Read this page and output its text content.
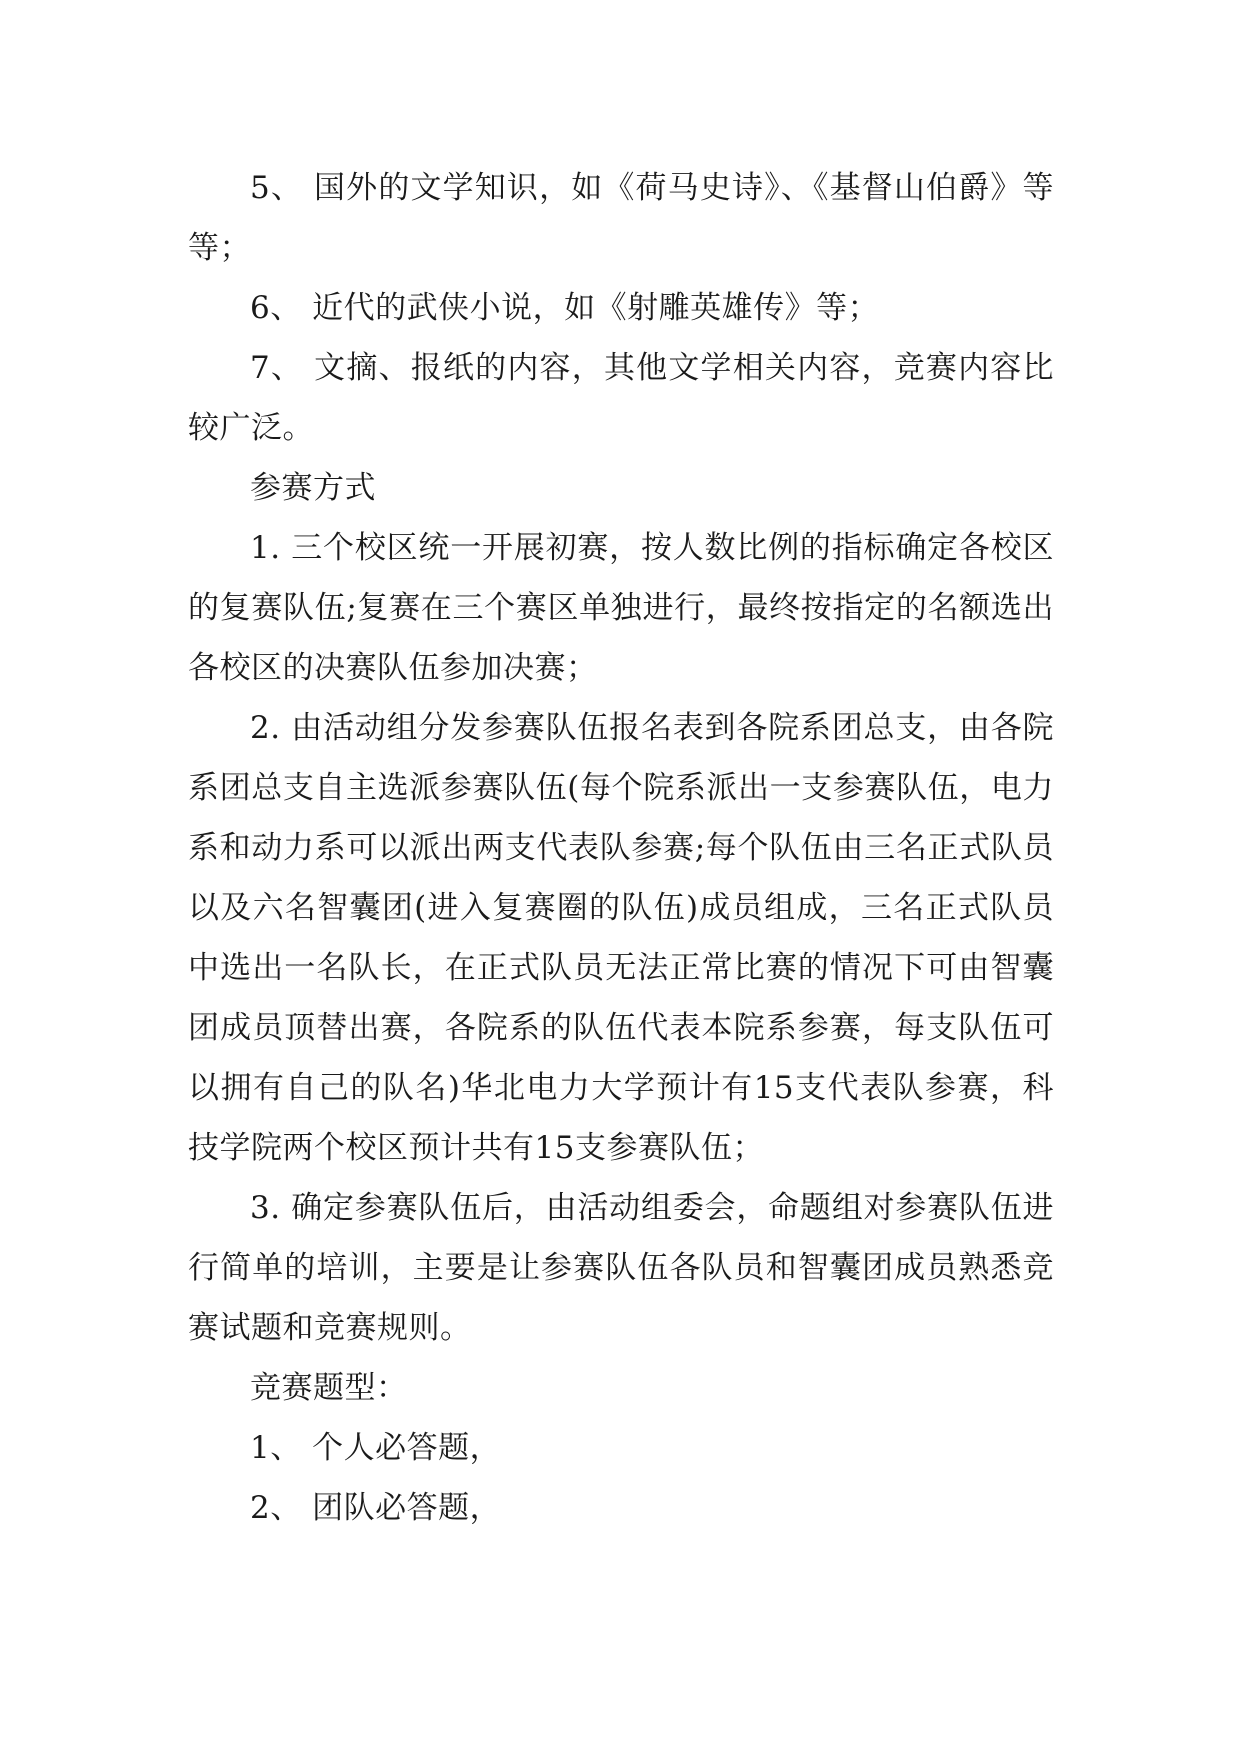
5、 国外的文学知识，如《荷马史诗》、《基督山伯爵》等等；

6、 近代的武侠小说，如《射雕英雄传》等；

7、 文摘、报纸的内容，其他文学相关内容，竞赛内容比较广泛。

参赛方式

1. 三个校区统一开展初赛，按人数比例的指标确定各校区的复赛队伍;复赛在三个赛区单独进行，最终按指定的名额选出各校区的决赛队伍参加决赛；

2. 由活动组分发参赛队伍报名表到各院系团总支，由各院系团总支自主选派参赛队伍(每个院系派出一支参赛队伍，电力系和动力系可以派出两支代表队参赛;每个队伍由三名正式队员以及六名智囊团(进入复赛圈的队伍)成员组成，三名正式队员中选出一名队长，在正式队员无法正常比赛的情况下可由智囊团成员顶替出赛，各院系的队伍代表本院系参赛，每支队伍可以拥有自己的队名)华北电力大学预计有15支代表队参赛，科技学院两个校区预计共有15支参赛队伍；

3. 确定参赛队伍后，由活动组委会，命题组对参赛队伍进行简单的培训，主要是让参赛队伍各队员和智囊团成员熟悉竞赛试题和竞赛规则。

竞赛题型：

1、 个人必答题，

2、 团队必答题，
